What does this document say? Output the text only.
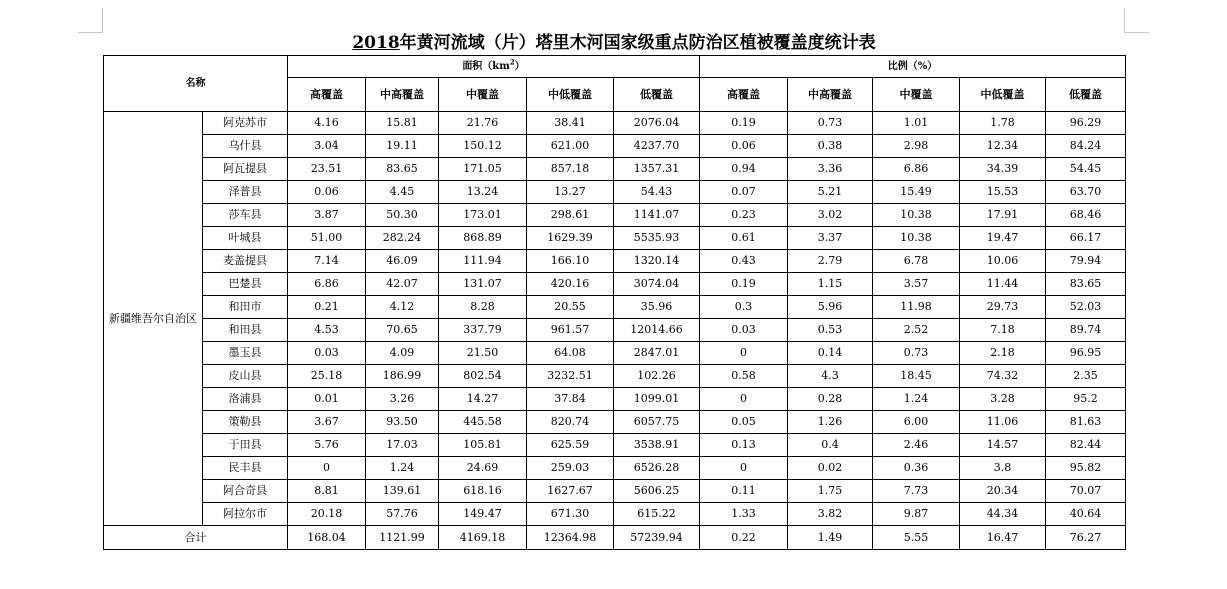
2018年黄河流域（片）塔里木河国家级重点防治区植被覆盖度统计表
名称		面积$(km^2)$					比例（%）				
		高覆盖	中高覆盖	中覆盖	中低覆盖	低覆盖	高覆盖	中高覆盖	中覆盖	中低覆盖	低覆盖
新疆维吾尔自治区	阿克苏市	4.16	15.81	21.76	38.41	2076.04	0.19	0.73	1.01	1.78	96.29
	乌什县	3.04	19.11	150.12	621.00	4237.70	0.06	0.38	2.98	12.34	84.24
	阿瓦提县	23.51	83.65	171.05	857.18	1357.31	0.94	3.36	6.86	34.39	54.45
	泽普县	0.06	4.45	13.24	13.27	54.43	0.07	5.21	15.49	15.53	63.70
	莎车县	3.87	50.30	173.01	298.61	1141.07	0.23	3.02	10.38	17.91	68.46
	叶城县	51.00	282.24	868.89	1629.39	5535.93	0.61	3.37	10.38	19.47	66.17
	麦盖提县	7.14	46.09	111.94	166.10	1320.14	0.43	2.79	6.78	10.06	79.94
	巴楚县	6.86	42.07	131.07	420.16	3074.04	0.19	1.15	3.57	11.44	83.65
	和田市	0.21	4.12	8.28	20.55	35.96	0.3	5.96	11.98	29.73	52.03
	和田县	4.53	70.65	337.79	961.57	12014.66	0.03	0.53	2.52	7.18	89.74
	墨玉县	0.03	4.09	21.50	64.08	2847.01	0	0.14	0.73	2.18	96.95
	皮山县	25.18	186.99	802.54	3232.51	102.26	0.58	4.3	18.45	74.32	2.35
	洛浦县	0.01	3.26	14.27	37.84	1099.01	0	0.28	1.24	3.28	95.2
	策勒县	3.67	93.50	445.58	820.74	6057.75	0.05	1.26	6.00	11.06	81.63
	于田县	5.76	17.03	105.81	625.59	3538.91	0.13	0.4	2.46	14.57	82.44
	民丰县	0	1.24	24.69	259.03	6526.28	0	0.02	0.36	3.8	95.82
	阿合奇县	8.81	139.61	618.16	1627.67	5606.25	0.11	1.75	7.73	20.34	70.07
	阿拉尔市	20.18	57.76	149.47	671.30	615.22	1.33	3.82	9.87	44.34	40.64
合计		168.04	1121.99	4169.18	12364.98	57239.94	0.22	1.49	5.55	16.47	76.27
